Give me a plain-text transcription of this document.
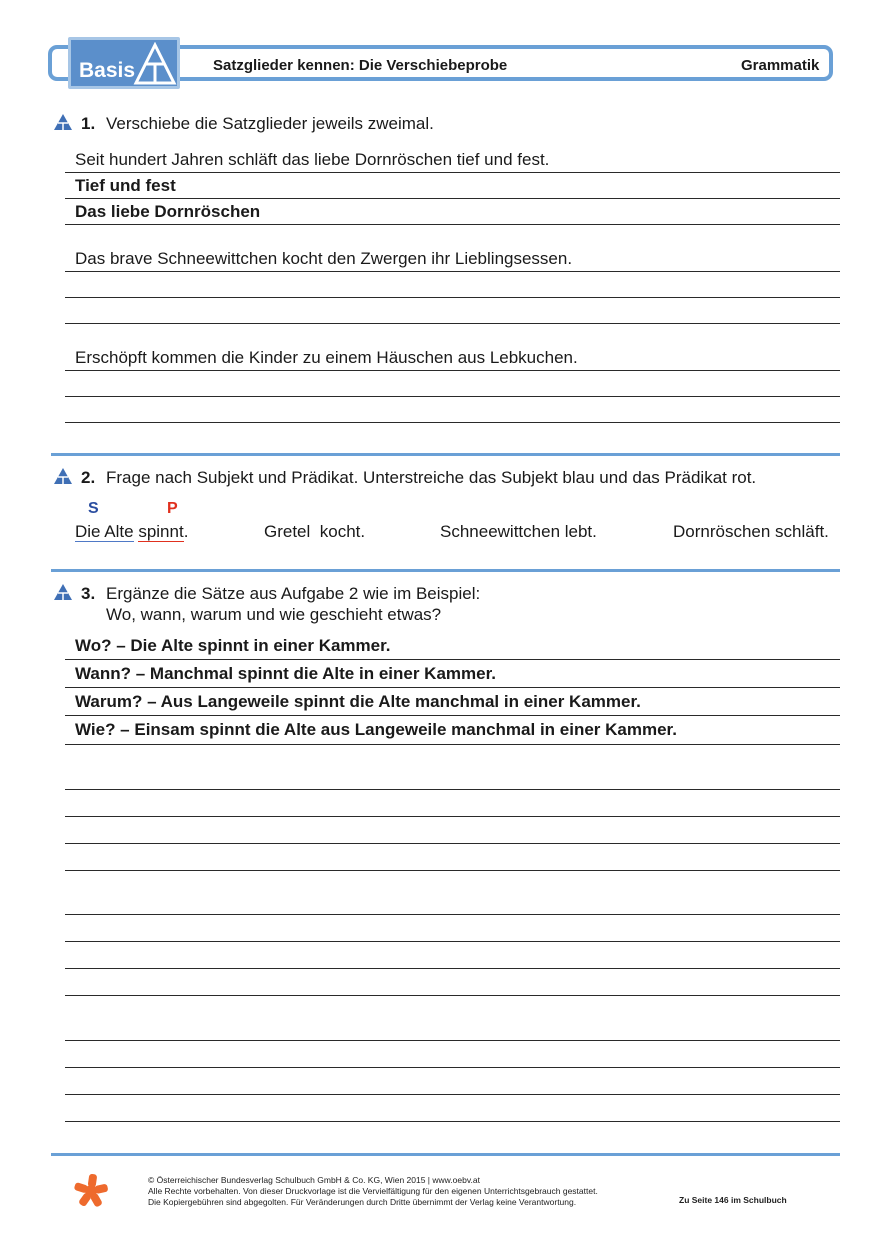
Basis	Satzglieder kennen: Die Verschiebeprobe	Grammatik
1. Verschiebe die Satzglieder jeweils zweimal.
Seit hundert Jahren schläft das liebe Dornröschen tief und fest.
Tief und fest
Das liebe Dornröschen
Das brave Schneewittchen kocht den Zwergen ihr Lieblingsessen.
Erschöpft kommen die Kinder zu einem Häuschen aus Lebkuchen.
2. Frage nach Subjekt und Prädikat. Unterstreiche das Subjekt blau und das Prädikat rot.
S	P
Die Alte spinnt.	Gretel  kocht.	Schneewittchen lebt.	Dornröschen schläft.
3. Ergänze die Sätze aus Aufgabe 2 wie im Beispiel:
Wo, wann, warum und wie geschieht etwas?
Wo? – Die Alte spinnt in einer Kammer.
Wann? – Manchmal spinnt die Alte in einer Kammer.
Warum? – Aus Langeweile spinnt die Alte manchmal in einer Kammer.
Wie? – Einsam spinnt die Alte aus Langeweile manchmal in einer Kammer.
© Österreichischer Bundesverlag Schulbuch GmbH & Co. KG, Wien 2015 | www.oebv.at
Alle Rechte vorbehalten. Von dieser Druckvorlage ist die Vervielfältigung für den eigenen Unterrichtsgebrauch gestattet.
Die Kopiergebühren sind abgegolten. Für Veränderungen durch Dritte übernimmt der Verlag keine Verantwortung.	Zu Seite 146 im Schulbuch
